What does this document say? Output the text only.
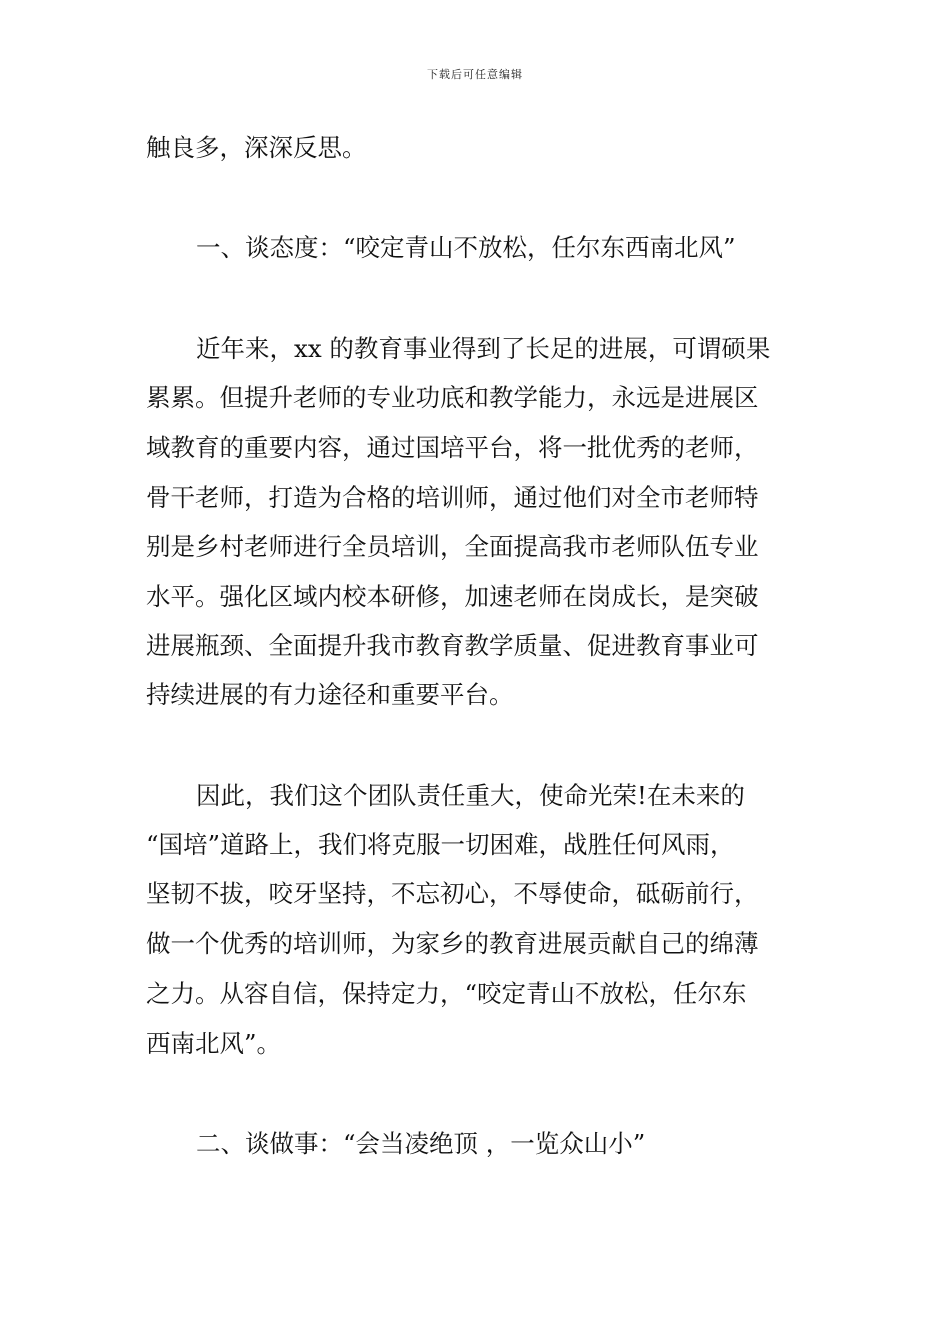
下载后可任意编辑
触良多，深深反思。
一、谈态度：“咬定青山不放松，任尔东西南北风”
近年来，xx 的教育事业得到了长足的进展，可谓硕果
累累。但提升老师的专业功底和教学能力，永远是进展区
域教育的重要内容，通过国培平台，将一批优秀的老师，
骨干老师，打造为合格的培训师，通过他们对全市老师特
别是乡村老师进行全员培训，全面提高我市老师队伍专业
水平。强化区域内校本研修，加速老师在岗成长，是突破
进展瓶颈、全面提升我市教育教学质量、促进教育事业可
持续进展的有力途径和重要平台。
因此，我们这个团队责任重大，使命光荣!在未来的
“国培”道路上，我们将克服一切困难，战胜任何风雨，
坚韧不拔，咬牙坚持，不忘初心，不辱使命，砥砺前行，
做一个优秀的培训师，为家乡的教育进展贡献自己的绵薄
之力。从容自信，保持定力，“咬定青山不放松，任尔东
西南北风”。
二、谈做事：“会当凌绝顶 ，一览众山小”
